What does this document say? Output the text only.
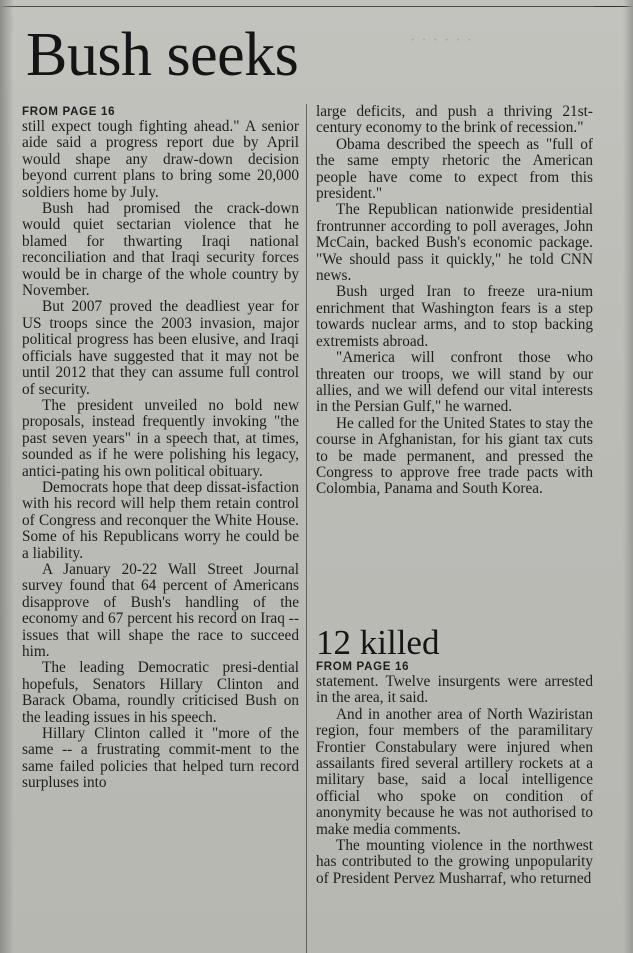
Bush seeks	· · · · · ·
FROM PAGE 16

still expect tough fighting ahead." A senior aide said a progress report due by April would shape any draw-down decision beyond current plans to bring some 20,000 soldiers home by July.

Bush had promised the crack-down would quiet sectarian violence that he blamed for thwarting Iraqi national reconciliation and that Iraqi security forces would be in charge of the whole country by November.

But 2007 proved the deadliest year for US troops since the 2003 invasion, major political progress has been elusive, and Iraqi officials have suggested that it may not be until 2012 that they can assume full control of security.

The president unveiled no bold new proposals, instead frequently invoking "the past seven years" in a speech that, at times, sounded as if he were polishing his legacy, antici-pating his own political obituary.

Democrats hope that deep dissat-isfaction with his record will help them retain control of Congress and reconquer the White House. Some of his Republicans worry he could be a liability.

A January 20-22 Wall Street Journal survey found that 64 percent of Americans disapprove of Bush's handling of the economy and 67 percent his record on Iraq -- issues that will shape the race to succeed him.

The leading Democratic presi-dential hopefuls, Senators Hillary Clinton and Barack Obama, roundly criticised Bush on the leading issues in his speech.

Hillary Clinton called it "more of the same -- a frustrating commit-ment to the same failed policies that helped turn record surpluses into

large deficits, and push a thriving 21st-century economy to the brink of recession."

Obama described the speech as "full of the same empty rhetoric the American people have come to expect from this president."

The Republican nationwide presidential frontrunner according to poll averages, John McCain, backed Bush's economic package. "We should pass it quickly," he told CNN news.

Bush urged Iran to freeze ura-nium enrichment that Washington fears is a step towards nuclear arms, and to stop backing extremists abroad.

"America will confront those who threaten our troops, we will stand by our allies, and we will defend our vital interests in the Persian Gulf," he warned.

He called for the United States to stay the course in Afghanistan, for his giant tax cuts to be made permanent, and pressed the Congress to approve free trade pacts with Colombia, Panama and South Korea.

12 killed
FROM PAGE 16

statement. Twelve insurgents were arrested in the area, it said.

And in another area of North Waziristan region, four members of the paramilitary Frontier Constabulary were injured when assailants fired several artillery rockets at a military base, said a local intelligence official who spoke on condition of anonymity because he was not authorised to make media comments.

The mounting violence in the northwest has contributed to the growing unpopularity of President Pervez Musharraf, who returned
